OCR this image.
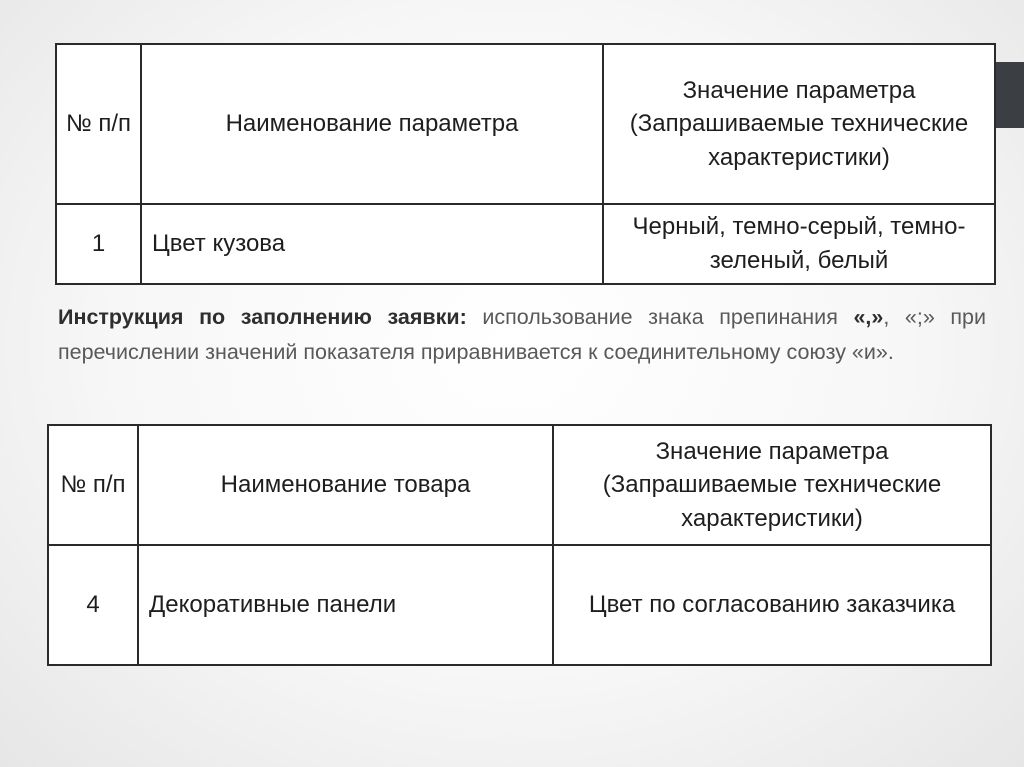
№ п/п	Наименование параметра	Значение параметра (Запрашиваемые технические характеристики)
1	Цвет кузова	Черный, темно-серый, темно-зеленый, белый
Инструкция по заполнению заявки: использование знака препинания «,», «;» при перечислении значений показателя приравнивается к соединительному союзу «и».
№ п/п	Наименование товара	Значение параметра (Запрашиваемые технические характеристики)
4	Декоративные панели	Цвет по согласованию заказчика
